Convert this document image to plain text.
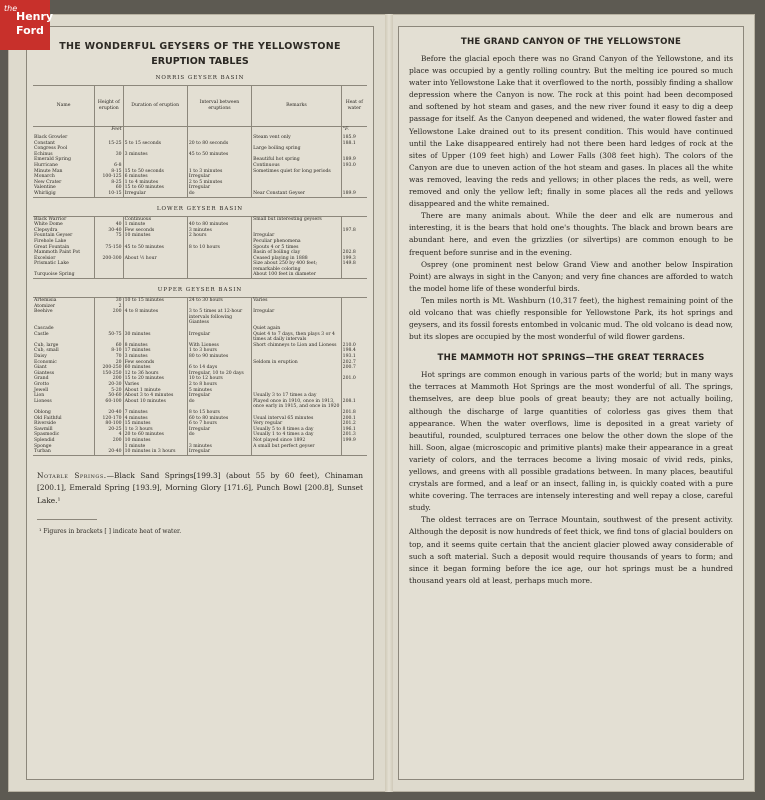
THE WONDERFUL GEYSERS OF THE YELLOWSTONE
ERUPTION TABLES
NORRIS GEYSER BASIN
Name	Height of eruption	Duration of eruption	Interval between eruptions	Remarks	Heat of water
	Feet				°F.
Black Growler				Steam vent only	185.9
Constant	15-25	5 to 15 seconds	20 to 80 seconds		188.1
Congress Pool				Large boiling spring	
Echinus	30	3 minutes	45 to 50 minutes		
Emerald Spring				Beautiful hot spring	189.9
Hurricane	6-8			Continuous	193.0
Minute Man	8-15	15 to 50 seconds	1 to 3 minutes	Sometimes quiet for long periods	
Monarch	100-125	6 minutes	Irregular		
New Crater	8-25	1 to 4 minutes	2 to 5 minutes		
Valentine	60	15 to 60 minutes	Irregular		
Whirligig	10-15	Irregular	do	Near Constant Geyser	189.9
LOWER GEYSER BASIN
Black Warrior		Continuous		Small but interesting geysers	
White Dome	40	1 minute	40 to 80 minutes		
Clepsydra	30-40	Few seconds	3 minutes		197.8
Fountain Geyser	75	10 minutes	2 hours	Irregular	
Firehole Lake				Peculiar phenomena	
Great Fountain	75-150	45 to 50 minutes	8 to 10 hours	Spouts 4 or 5 times	
Mammoth Paint Pot				Basin of boiling clay	202.8
Excelsior	200-300	About ½ hour		Ceased playing in 1888	199.3
Prismatic Lake				Size about 250 by 400 feet; remarkable coloring	149.8
Turquoise Spring				About 100 feet in diameter	
UPPER GEYSER BASIN
Artemisia	30	10 to 15 minutes	24 to 30 hours	Varies	
Atomizer	2				
Beehive	200	4 to 8 minutes	3 to 5 times at 12-hour intervals following Giantess	Irregular	
Cascade				Quiet again	
Castle	50-75	30 minutes	Irregular	Quiet 4 to 7 days, then plays 3 or 4 times at daily intervals	
Cub, large	60	8 minutes	With Lioness	Short chimneys to Lion and Lioness	210.0
Cub, small	8-10	17 minutes	1 to 3 hours		198.4
Daisy	70	3 minutes	80 to 90 minutes		193.1
Economic	20	Few seconds		Seldom in eruption	202.7
Giant	200-250	60 minutes	6 to 14 days		200.7
Giantess	150-250	12 to 36 hours	Irregular, 10 to 20 days		
Grand	200	15 to 20 minutes	10 to 12 hours		201.0
Grotto	20-30	Varies	2 to 8 hours		
Jewell	5-20	About 1 minute	5 minutes		
Lion	50-60	About 3 to 4 minutes	Irregular	Usually 3 to 17 times a day	
Lioness	60-100	About 10 minutes	do	Played once in 1910, once in 1913, once early in 1915, and once in 1920	208.1
Oblong	20-40	7 minutes	8 to 15 hours		201.8
Old Faithful	120-170	4 minutes	60 to 80 minutes	Usual interval 65 minutes	200.1
Riverside	80-100	15 minutes	6 to 7 hours	Very regular	201.2
Sawmill	20-25	1 to 3 hours	Irregular	Usually 5 to 8 times a day	196.1
Spasmodic	4	20 to 60 minutes	do	Usually 1 to 4 times a day	201.3
Splendid	200	10 minutes		Not played since 1892	199.9
Sponge		1 minute	3 minutes	A small but perfect geyser	
Turban	20-40	10 minutes in 3 hours	Irregular		
Notable Springs.—Black Sand Springs[199.3] (about 55 by 60 feet), Chinaman [200.1], Emerald Spring [193.9], Morning Glory [171.6], Punch Bowl [200.8], Sunset Lake.¹
¹ Figures in brackets [ ] indicate heat of water.
THE GRAND CANYON OF THE YELLOWSTONE

Before the glacial epoch there was no Grand Canyon of the Yellowstone, and its place was occupied by a gently rolling country. But the melting ice poured so much water into Yellowstone Lake that it overflowed to the north, possibly finding a shallow depression where the Canyon is now. The rock at this point had been decomposed and softened by hot steam and gases, and the new river found it easy to dig a deep passage for itself. As the Canyon deepened and widened, the water flowed faster and Yellowstone Lake drained out to its present condition. This would have continued until the Lake disappeared entirely had not there been hard ledges of rock at the sites of Upper (109 feet high) and Lower Falls (308 feet high). The colors of the Canyon are due to uneven action of the hot steam and gases. In places all the white was removed, leaving the reds and yellows; in other places the reds, as well, were removed and only the yellow left; finally in some places all the reds and yellows disappeared and the white remained.

There are many animals about. While the deer and elk are numerous and interesting, it is the bears that hold one's thoughts. The black and brown bears are abundant here, and even the grizzlies (or silvertips) are common enough to be frequent before sunrise and in the evening.

Osprey (one prominent nest below Grand View and another below Inspiration Point) are always in sight in the Canyon; and very fine chances are afforded to watch the model home life of these wonderful birds.

Ten miles north is Mt. Washburn (10,317 feet), the highest remaining point of the old volcano that was chiefly responsible for Yellowstone Park, its hot springs and geysers, and its fossil forests entombed in volcanic mud. The old volcano is dead now, but its slopes are occupied by the most wonderful of wild flower gardens.

THE MAMMOTH HOT SPRINGS—THE GREAT TERRACES

Hot springs are common enough in various parts of the world; but in many ways the terraces at Mammoth Hot Springs are the most wonderful of all. The springs, themselves, are deep blue pools of great beauty; they are not actually boiling, although the discharge of large quantities of colorless gas gives them that appearance. When the water overflows, lime is deposited in a great variety of beautiful, rounded, sculptured terraces one below the other down the slope of the hill. Soon, algae (microscopic and primitive plants) make their appearance in a great variety of colors, and the terraces become a living mosaic of vivid reds, pinks, yellows, and greens with all possible gradations between. In many places, beautiful crystals are formed, and a leaf or an insect, falling in, is quickly coated with a pure white covering. The terraces are intensely interesting and well repay a close, careful study.

The oldest terraces are on Terrace Mountain, southwest of the present activity. Although the deposit is now hundreds of feet thick, we find tons of glacial boulders on top, and it seems quite certain that the ancient glacier plowed away considerable of such a soft material. Such a deposit would require thousands of years to form; and since it began forming before the ice age, our hot springs must be a hundred thousand years old at least, perhaps much more.

the
Henry
Ford
